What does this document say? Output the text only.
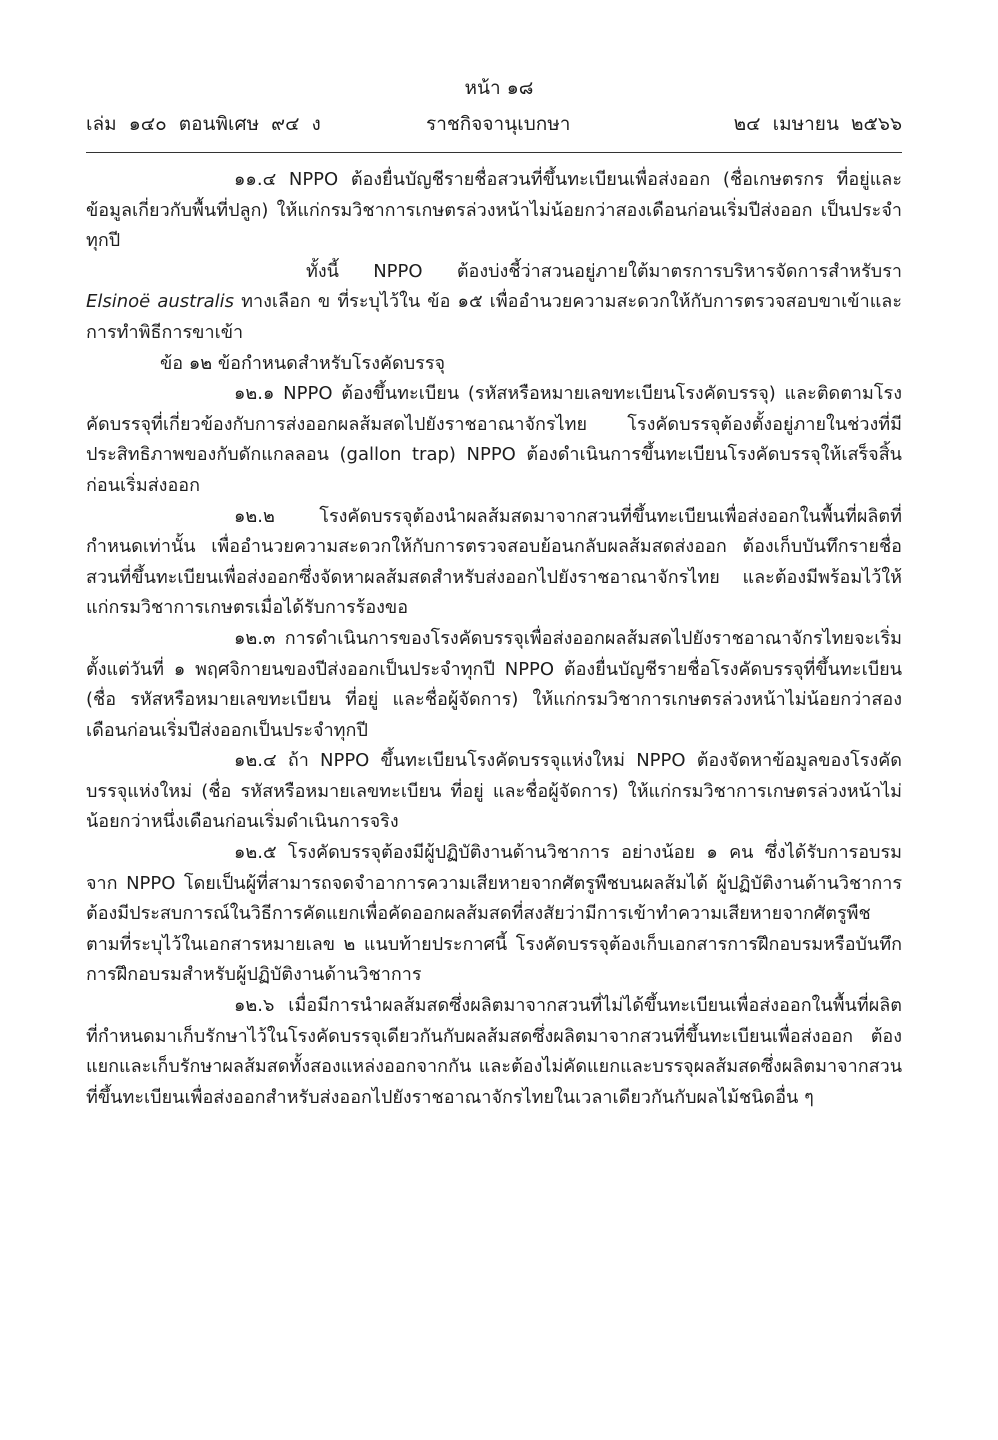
หน้า ๑๘
เล่ม ๑๔๐ ตอนพิเศษ ๙๔ ง	ราชกิจจานุเบกษา	๒๔ เมษายน ๒๕๖๖

๑๑.๔ NPPO ต้องยื่นบัญชีรายชื่อสวนที่ขึ้นทะเบียนเพื่อส่งออก (ชื่อเกษตรกร ที่อยู่และข้อมูลเกี่ยวกับพื้นที่ปลูก) ให้แก่กรมวิชาการเกษตรล่วงหน้าไม่น้อยกว่าสองเดือนก่อนเริ่มปีส่งออก เป็นประจำทุกปี

ทั้งนี้ NPPO ต้องบ่งชี้ว่าสวนอยู่ภายใต้มาตรการบริหารจัดการสำหรับรา Elsinoë australis ทางเลือก ข ที่ระบุไว้ใน ข้อ ๑๕ เพื่ออำนวยความสะดวกให้กับการตรวจสอบขาเข้าและการทำพิธีการขาเข้า

ข้อ ๑๒ ข้อกำหนดสำหรับโรงคัดบรรจุ

๑๒.๑ NPPO ต้องขึ้นทะเบียน (รหัสหรือหมายเลขทะเบียนโรงคัดบรรจุ) และติดตามโรงคัดบรรจุที่เกี่ยวข้องกับการส่งออกผลส้มสดไปยังราชอาณาจักรไทย โรงคัดบรรจุต้องตั้งอยู่ภายในช่วงที่มีประสิทธิภาพของกับดักแกลลอน (gallon trap) NPPO ต้องดำเนินการขึ้นทะเบียนโรงคัดบรรจุให้เสร็จสิ้นก่อนเริ่มส่งออก

๑๒.๒ โรงคัดบรรจุต้องนำผลส้มสดมาจากสวนที่ขึ้นทะเบียนเพื่อส่งออกในพื้นที่ผลิตที่กำหนดเท่านั้น เพื่ออำนวยความสะดวกให้กับการตรวจสอบย้อนกลับผลส้มสดส่งออก ต้องเก็บบันทึกรายชื่อสวนที่ขึ้นทะเบียนเพื่อส่งออกซึ่งจัดหาผลส้มสดสำหรับส่งออกไปยังราชอาณาจักรไทย และต้องมีพร้อมไว้ให้แก่กรมวิชาการเกษตรเมื่อได้รับการร้องขอ

๑๒.๓ การดำเนินการของโรงคัดบรรจุเพื่อส่งออกผลส้มสดไปยังราชอาณาจักรไทยจะเริ่มตั้งแต่วันที่ ๑ พฤศจิกายนของปีส่งออกเป็นประจำทุกปี NPPO ต้องยื่นบัญชีรายชื่อโรงคัดบรรจุที่ขึ้นทะเบียน (ชื่อ รหัสหรือหมายเลขทะเบียน ที่อยู่ และชื่อผู้จัดการ) ให้แก่กรมวิชาการเกษตรล่วงหน้าไม่น้อยกว่าสองเดือนก่อนเริ่มปีส่งออกเป็นประจำทุกปี

๑๒.๔ ถ้า NPPO ขึ้นทะเบียนโรงคัดบรรจุแห่งใหม่ NPPO ต้องจัดหาข้อมูลของโรงคัดบรรจุแห่งใหม่ (ชื่อ รหัสหรือหมายเลขทะเบียน ที่อยู่ และชื่อผู้จัดการ) ให้แก่กรมวิชาการเกษตรล่วงหน้าไม่น้อยกว่าหนึ่งเดือนก่อนเริ่มดำเนินการจริง

๑๒.๕ โรงคัดบรรจุต้องมีผู้ปฏิบัติงานด้านวิชาการ อย่างน้อย ๑ คน ซึ่งได้รับการอบรมจาก NPPO โดยเป็นผู้ที่สามารถจดจำอาการความเสียหายจากศัตรูพืชบนผลส้มได้ ผู้ปฏิบัติงานด้านวิชาการต้องมีประสบการณ์ในวิธีการคัดแยกเพื่อคัดออกผลส้มสดที่สงสัยว่ามีการเข้าทำความเสียหายจากศัตรูพืชตามที่ระบุไว้ในเอกสารหมายเลข ๒ แนบท้ายประกาศนี้ โรงคัดบรรจุต้องเก็บเอกสารการฝึกอบรมหรือบันทึกการฝึกอบรมสำหรับผู้ปฏิบัติงานด้านวิชาการ

๑๒.๖ เมื่อมีการนำผลส้มสดซึ่งผลิตมาจากสวนที่ไม่ได้ขึ้นทะเบียนเพื่อส่งออกในพื้นที่ผลิตที่กำหนดมาเก็บรักษาไว้ในโรงคัดบรรจุเดียวกันกับผลส้มสดซึ่งผลิตมาจากสวนที่ขึ้นทะเบียนเพื่อส่งออก ต้องแยกและเก็บรักษาผลส้มสดทั้งสองแหล่งออกจากกัน และต้องไม่คัดแยกและบรรจุผลส้มสดซึ่งผลิตมาจากสวนที่ขึ้นทะเบียนเพื่อส่งออกสำหรับส่งออกไปยังราชอาณาจักรไทยในเวลาเดียวกันกับผลไม้ชนิดอื่น ๆ
